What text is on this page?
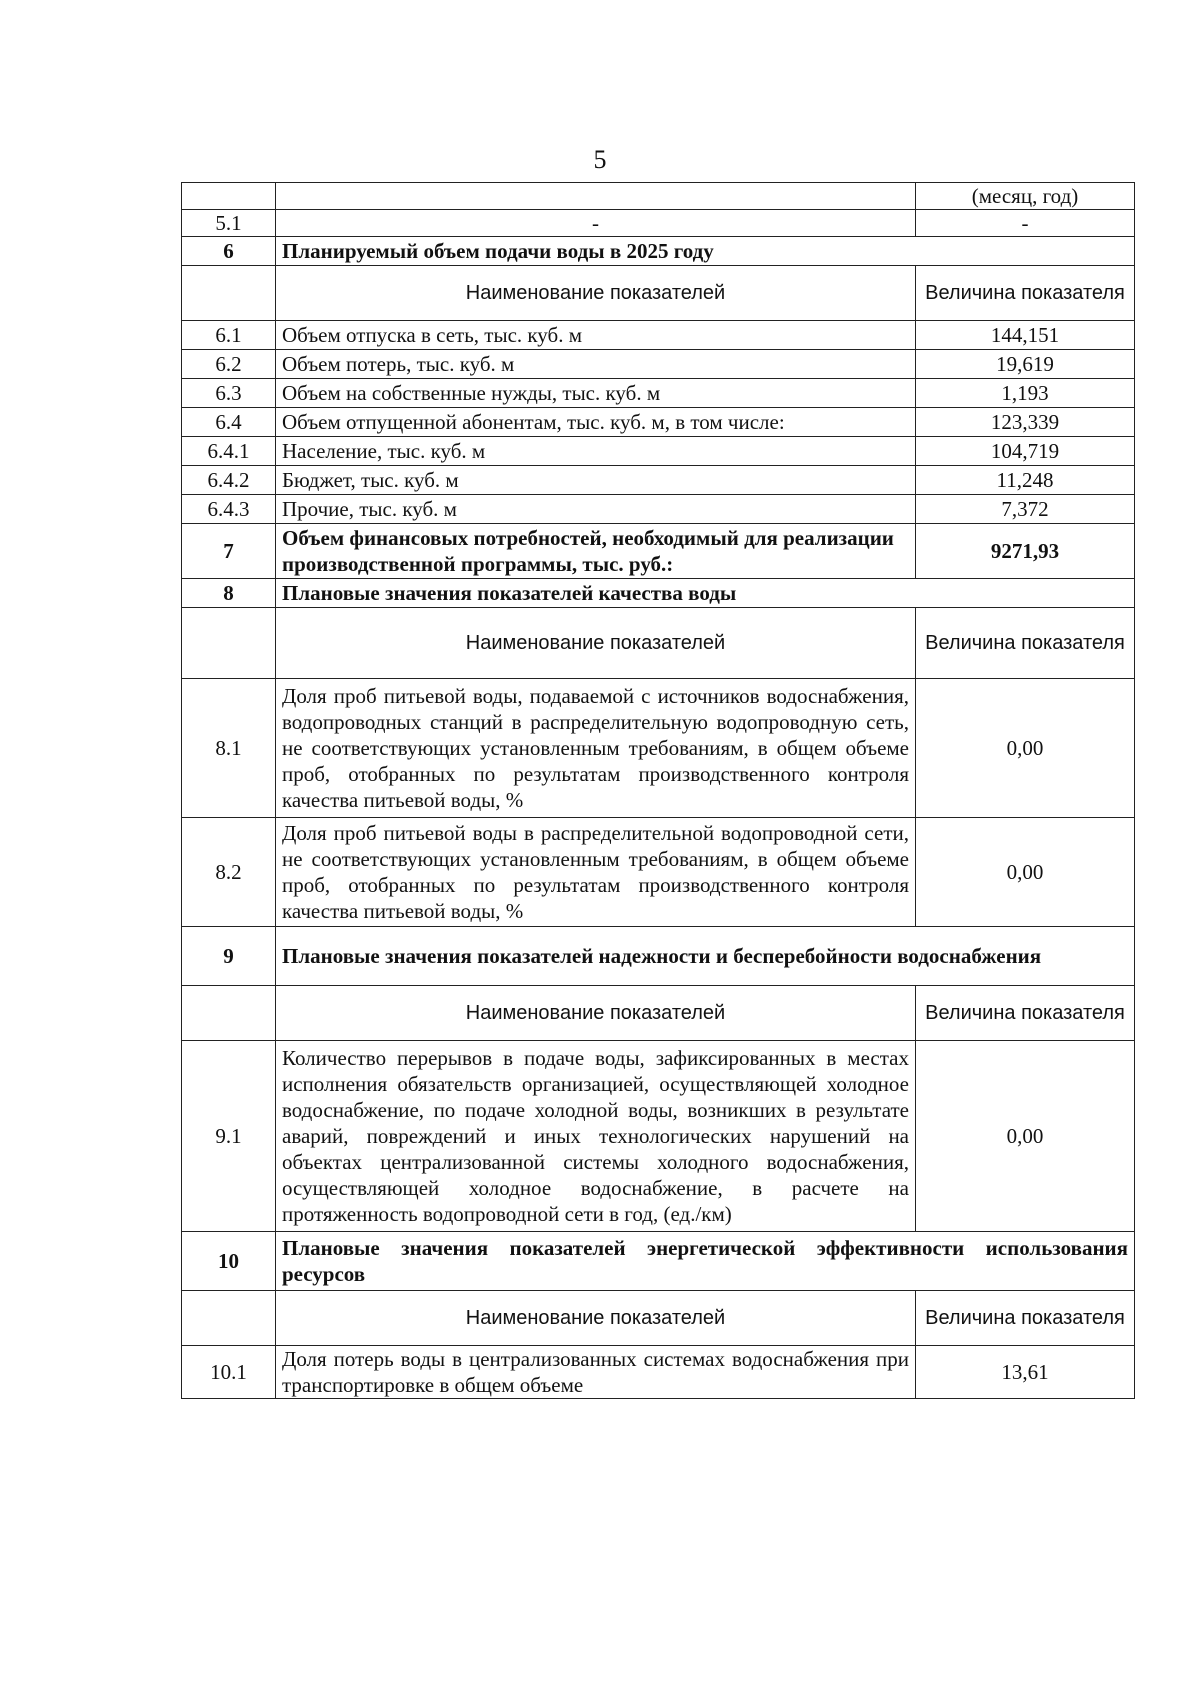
5
		(месяц, год)
5.1	-	-
6	Планируемый объем подачи воды в 2025 году	
	Наименование показателей	Величина показателя
6.1	Объем отпуска в сеть, тыс. куб. м	144,151
6.2	Объем потерь, тыс. куб. м	19,619
6.3	Объем на собственные нужды, тыс. куб. м	1,193
6.4	Объем отпущенной абонентам, тыс. куб. м, в том числе:	123,339
6.4.1	Население, тыс. куб. м	104,719
6.4.2	Бюджет, тыс. куб. м	11,248
6.4.3	Прочие, тыс. куб. м	7,372
7	Объем финансовых потребностей, необходимый для реализации производственной программы, тыс. руб.:	9271,93
8	Плановые значения показателей качества воды	
	Наименование показателей	Величина показателя
8.1	Доля проб питьевой воды, подаваемой с источников водоснабжения, водопроводных станций в распределительную водопроводную сеть, не соответствующих установленным требованиям, в общем объеме проб, отобранных по результатам производственного контроля качества питьевой воды, %	0,00
8.2	Доля проб питьевой воды в распределительной водопроводной сети, не соответствующих установленным требованиям, в общем объеме проб, отобранных по результатам производственного контроля качества питьевой воды, %	0,00
9	Плановые значения показателей надежности и бесперебойности водоснабжения	
	Наименование показателей	Величина показателя
9.1	Количество перерывов в подаче воды, зафиксированных в местах исполнения обязательств организацией, осуществляющей холодное водоснабжение, по подаче холодной воды, возникших в результате аварий, повреждений и иных технологических нарушений на объектах централизованной системы холодного водоснабжения, осуществляющей холодное водоснабжение, в расчете на протяженность водопроводной сети в год, (ед./км)	0,00
10	Плановые значения показателей энергетической эффективности использования ресурсов	
	Наименование показателей	Величина показателя
10.1	Доля потерь воды в централизованных системах водоснабжения при транспортировке в общем объеме	13,61
